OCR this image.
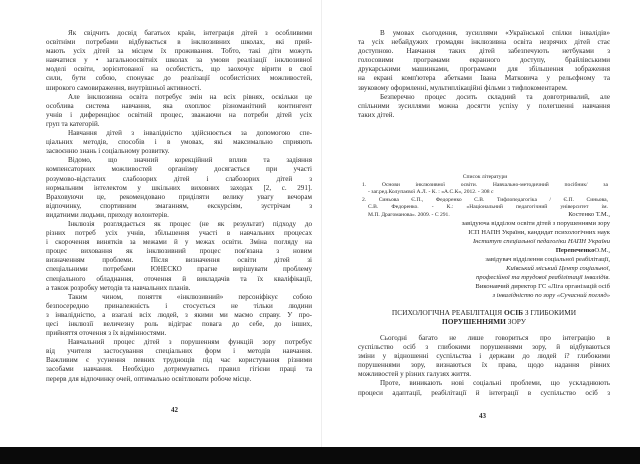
Як свідчить досвід багатьох країн, інтеграція дітей з особливими
освітніми потребами відбувається в інклюзивних школах, які прий-
мають усіх дітей за місцем їх проживання. Тобто, такі діти можуть
навчатися у • загальноосвітніх школах за умови реалізації інклюзивної
моделі освіти, зорієнтованої на особистість, що заохочує вірити в свої
сили, бути собою, спонукає до реалізації особистісних можливостей,
широкого самовираження, внутрішньої активності.
Але інклюзивна освіта потребує змін на всіх рівнях, оскільки це
особлива система навчання, яка охоплює різноманітний контингент
учнів і диференціює освітній процес, зважаючи на потреби дітей усіх
груп та категорій.
Навчання дітей з інвалідністю здійснюється за допомогою спе-
ціальних методів, способів і в умовах, які максимально сприяють
засвоєнню знань і соціальному розвитку.
Відомо, що значний корекційний вплив та задіяння
компенсаторних можливостей організму досягається при участі
розумово-відсталих слабозорих дітей і слабозорих дітей з
нормальним інтелектом у шкільних виховних заходах [2, с. 291].
Враховуючи це, рекомендовано приділяти велику увагу вечорам
відпочинку, спортивним змаганням, екскурсіям, зустрічам з
видатними людьми, приходу волонтерів.
Інклюзія розглядається як процес (не як результат) підходу до
різних потреб усіх учнів, збільшення участі в навчальних процесах
і скорочення винятків за межами й у межах освіти. Зміна погляду на
процес виховання як інклюзивний процес пов'язана з новим
визначенням проблеми. Після визначення освіти дітей зі
спеціальними потребами ЮНЕСКО прагне вирішувати проблему
спеціального обладнання, оточення й викладачів та їх кваліфікації,
а також розробку методів та навчальних планів.
Таким чином, поняття «інклюзивний» персоніфікує собою
безпосередню приналежність і стосується не тільки людини
з інвалідністю, а взагалі всіх людей, з якими ми маємо справу. У про-
цесі інклюзії величезну роль відіграє повага до себе, до інших,
прийняття оточення з їх відмінностями.
Навчальний процес дітей з порушенням функцій зору потребує
від учителя застосування спеціальних форм і методів навчання.
Важливим є усунення певних труднощів під час користування різними
засобами навчання. Необхідно дотримуватись правил гігієни праці та
перерв для відпочинку очей, оптимально освітлювати робоче місце.
42
В умовах сьогодення, зусиллями «Української спілки інвалідів»
та усіх небайдужих громадян інклюзивна освіта незрячих дітей стає
доступною. Навчання таких дітей забезпечують нетбуками з
голосовими програмами екранного доступу, брайлівськими
друкарськими машинками, програмами для збільшення зображення
на екрані комп'ютера абетками Івана Матковича у рельєфному та
звуковому оформленні, мультиплікаційні фільми з тифлокоментарем.
Безперечно процес досить складний та довготривалий, але
спільними зусиллями можна досягти успіху у полегшенні навчання
таких дітей.
Список літератури
1. Основи інклюзивної освіти. Навчально-методичний посібник/ за
- заг.ред.Колупаєвої А.Л. - К. : «А.С.К», 2012. - 308 с
2. Синьова Є.П., Федоренко С.В. Тифлопедагогіка / Є.П. Синьова,
С.В. Федоренко. - К.: «Національний педагогічний університет ім.
М.П. Драгоманова». 2009. - С 291.	Костенко Т.М.,
завідуюча відділом освіти дітей з порушеннями зору
ІСП НАПН України, кандидат психологічних наук
Інститут спеціальної педагогіки НАПН України
ПерепеченкоО.М.,
завідувач відділення соціальної реабілітації,
Київський міський Центр соціальної,
професійної та трудової реабілітації інвалідів.
Виконавчий директор ГС «Ліга організацій осіб
з інвалідністю по зору «Сучасний погляд»
ПСИХОЛОГІЧНА РЕАБІЛІТАЦІЯ ОСІБ З ГЛИБОКИМИ
ПОРУШЕННЯМИ ЗОРУ
Сьогодні багато не лише говориться про інтеграцію в
суспільство осіб з глибокими порушеннями зору, й відбуваються
зміни у відношенні суспільства і держави до людей і? глибокими
порушеннями зору, визнаються їх права, щодо надання рівних
можливостей у різних галузях життя.
Проте, виникають нові соціальні проблеми, що ускладнюють
процеси адаптації, реабілітації й інтеграції в суспільство осіб з
43
